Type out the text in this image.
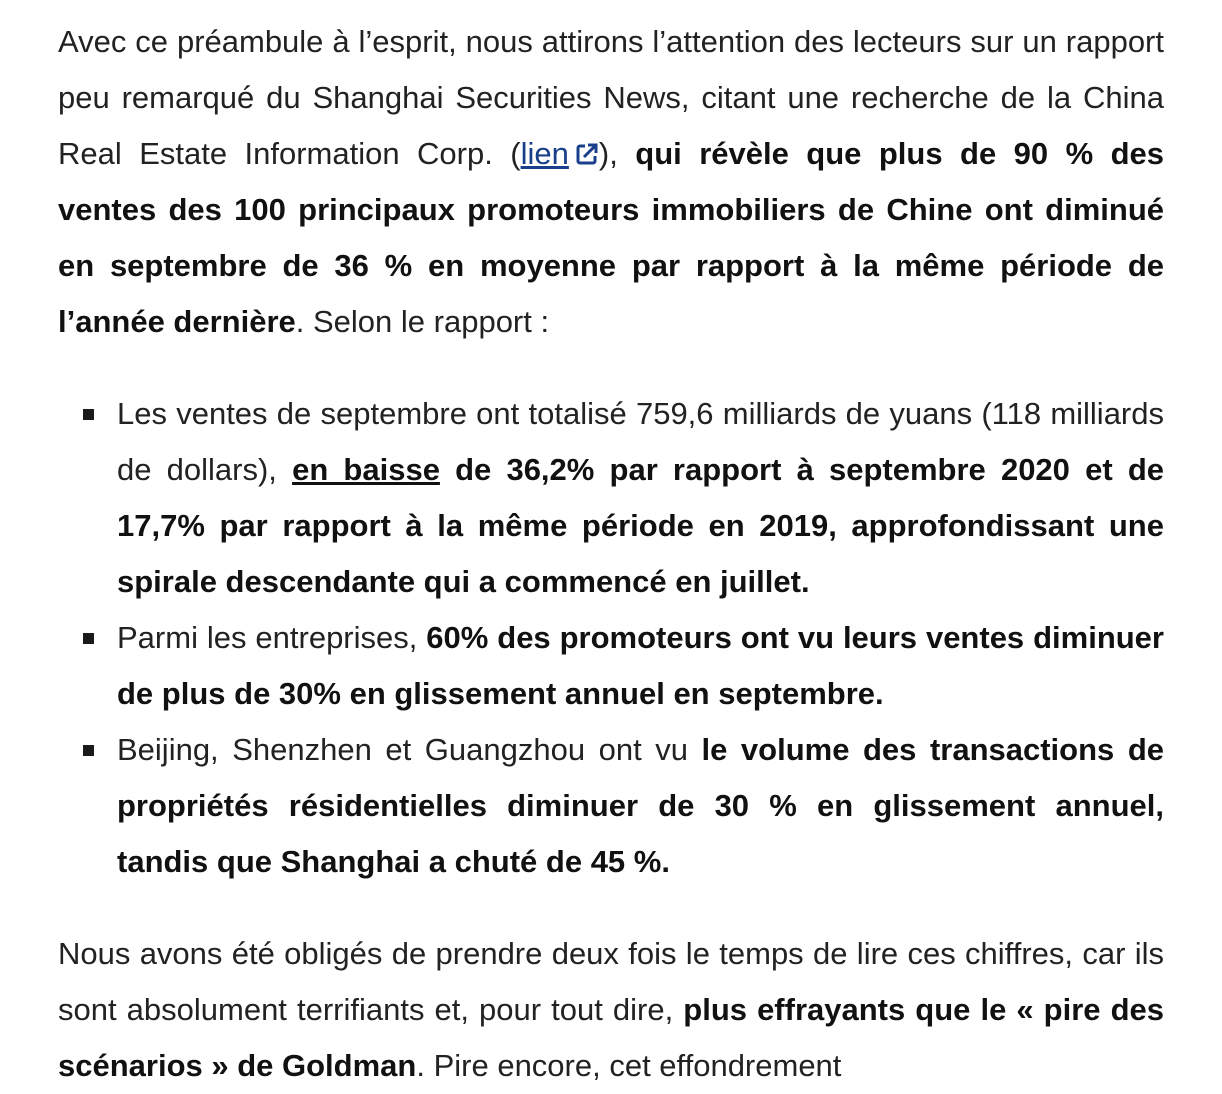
Avec ce préambule à l’esprit, nous attirons l’attention des lecteurs sur un rapport peu remarqué du Shanghai Securities News, citant une recherche de la China Real Estate Information Corp. (lien ), qui révèle que plus de 90 % des ventes des 100 principaux promoteurs immobiliers de Chine ont diminué en septembre de 36 % en moyenne par rapport à la même période de l’année dernière. Selon le rapport :

Les ventes de septembre ont totalisé 759,6 milliards de yuans (118 milliards de dollars), en baisse de 36,2% par rapport à septembre 2020 et de 17,7% par rapport à la même période en 2019, approfondissant une spirale descendante qui a commencé en juillet.
Parmi les entreprises, 60% des promoteurs ont vu leurs ventes diminuer de plus de 30% en glissement annuel en septembre.
Beijing, Shenzhen et Guangzhou ont vu le volume des transactions de propriétés résidentielles diminuer de 30 % en glissement annuel, tandis que Shanghai a chuté de 45 %.

Nous avons été obligés de prendre deux fois le temps de lire ces chiffres, car ils sont absolument terrifiants et, pour tout dire, plus effrayants que le « pire des scénarios » de Goldman. Pire encore, cet effondrement
